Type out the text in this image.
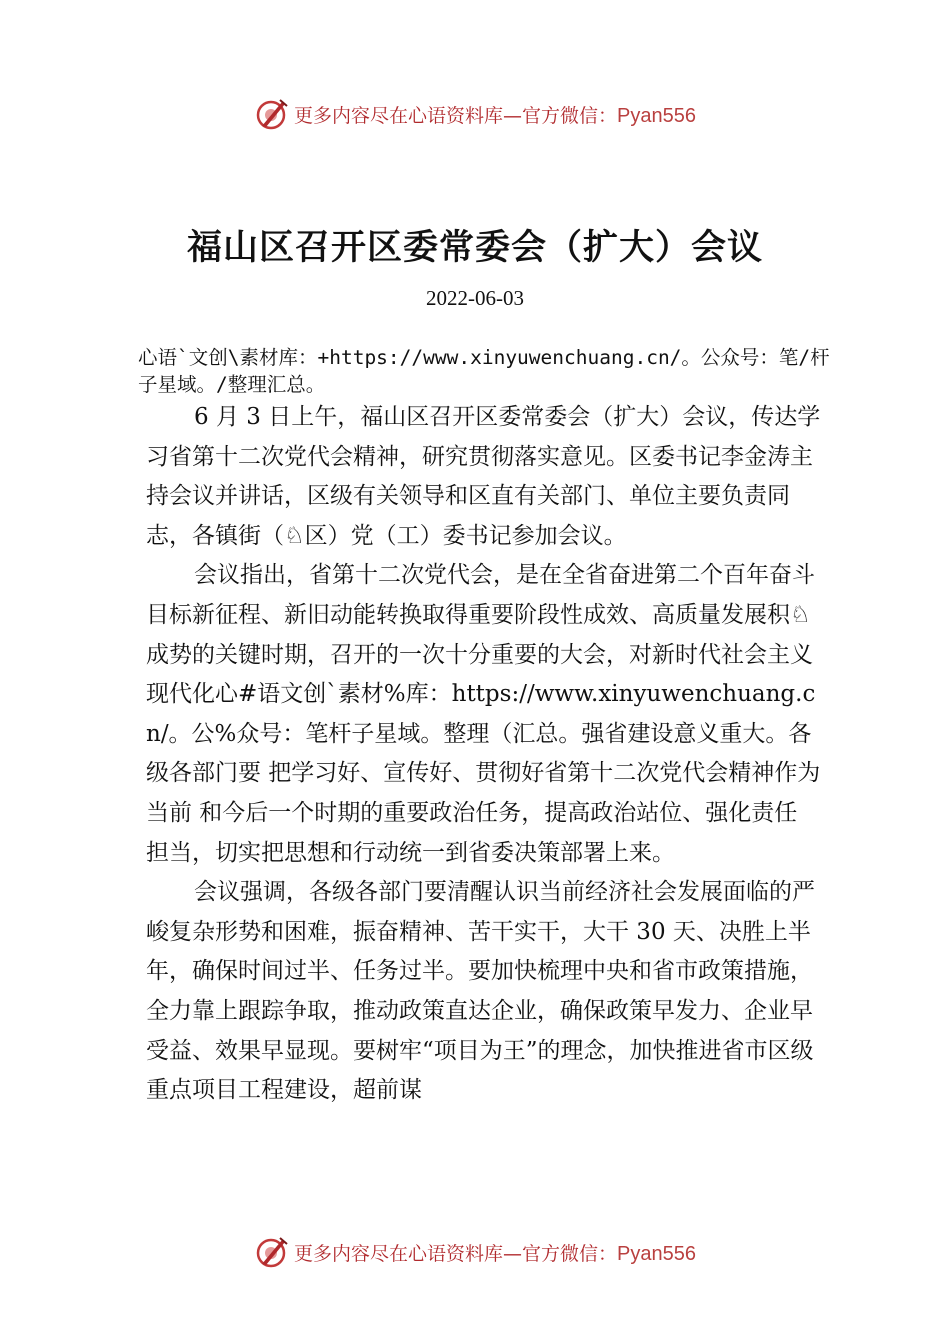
更多内容尽在心语资料库—官方微信：Pyan556
福山区召开区委常委会（扩大）会议
2022-06-03
心语`文创\素材库：+https://www.xinyuwenchuang.cn/。公众号：笔/杆子星域。/整理汇总。

6 月 3 日上午，福山区召开区委常委会（扩大）会议，传达学习省第十二次党代会精神，研究贯彻落实意见。区委书记李金涛主持会议并讲话，区级有关领导和区直有关部门、单位主要负责同志，各镇街（♘区）党（工）委书记参加会议。

会议指出，省第十二次党代会，是在全省奋进第二个百年奋斗目标新征程、新旧动能转换取得重要阶段性成效、高质量发展积♘成势的关键时期，召开的一次十分重要的大会，对新时代社会主义现代化心#语文创`素材%库：https://www.xinyuwenchuang.cn/。公%众号：笔杆子星域。整理（汇总。强省建设意义重大。各级各部门要 把学习好、宣传好、贯彻好省第十二次党代会精神作为当前 和今后一个时期的重要政治任务，提高政治站位、强化责任 担当，切实把思想和行动统一到省委决策部署上来。

会议强调，各级各部门要清醒认识当前经济社会发展面临的严峻复杂形势和困难，振奋精神、苦干实干，大干 30 天、决胜上半年，确保时间过半、任务过半。要加快梳理中央和省市政策措施，全力靠上跟踪争取，推动政策直达企业，确保政策早发力、企业早受益、效果早显现。要树牢“项目为王”的理念，加快推进省市区级重点项目工程建设，超前谋

更多内容尽在心语资料库—官方微信：Pyan556
